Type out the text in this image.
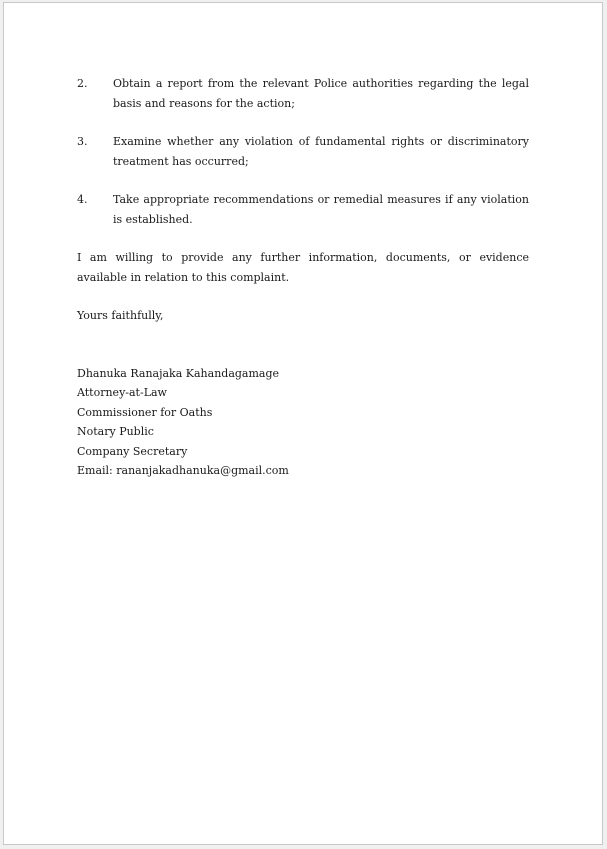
2.	Obtain a report from the relevant Police authorities regarding the legal basis and reasons for the action;
3.	Examine whether any violation of fundamental rights or discriminatory treatment has occurred;
4.	Take appropriate recommendations or remedial measures if any violation is established.

I am willing to provide any further information, documents, or evidence available in relation to this complaint.

Yours faithfully,

Dhanuka Ranajaka Kahandagamage
Attorney-at-Law
Commissioner for Oaths
Notary Public
Company Secretary
Email: rananjakadhanuka@gmail.com
